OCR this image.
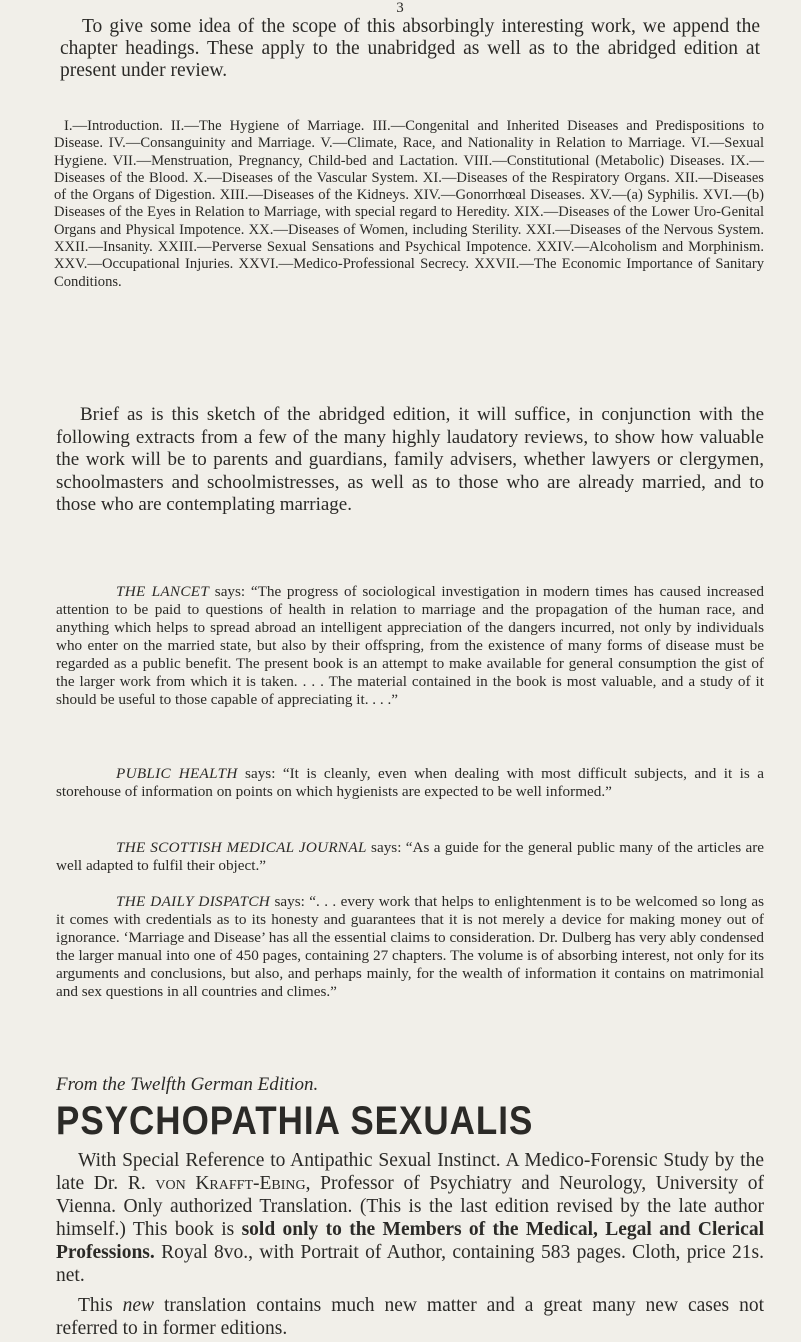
3

To give some idea of the scope of this absorbingly interesting work, we append the chapter headings. These apply to the unabridged as well as to the abridged edition at present under review.

I.—Introduction. II.—The Hygiene of Marriage. III.—Congenital and Inherited Diseases and Predispositions to Disease. IV.—Consanguinity and Marriage. V.—Climate, Race, and Nationality in Relation to Marriage. VI.—Sexual Hygiene. VII.—Menstruation, Pregnancy, Child-bed and Lactation. VIII.—Constitutional (Metabolic) Diseases. IX.—Diseases of the Blood. X.—Diseases of the Vascular System. XI.—Diseases of the Respiratory Organs. XII.—Diseases of the Organs of Digestion. XIII.—Diseases of the Kidneys. XIV.—Gonorrhœal Diseases. XV.—(a) Syphilis. XVI.—(b) Diseases of the Eyes in Relation to Marriage, with special regard to Heredity. XIX.—Diseases of the Lower Uro-Genital Organs and Physical Impotence. XX.—Diseases of Women, including Sterility. XXI.—Diseases of the Nervous System. XXII.—Insanity. XXIII.—Perverse Sexual Sensations and Psychical Impotence. XXIV.—Alcoholism and Morphinism. XXV.—Occupational Injuries. XXVI.—Medico-Professional Secrecy. XXVII.—The Economic Importance of Sanitary Conditions.

Brief as is this sketch of the abridged edition, it will suffice, in conjunction with the following extracts from a few of the many highly laudatory reviews, to show how valuable the work will be to parents and guardians, family advisers, whether lawyers or clergymen, schoolmasters and schoolmistresses, as well as to those who are already married, and to those who are contemplating marriage.

THE LANCET says: “The progress of sociological investigation in modern times has caused increased attention to be paid to questions of health in relation to marriage and the propagation of the human race, and anything which helps to spread abroad an intelligent appreciation of the dangers incurred, not only by individuals who enter on the married state, but also by their offspring, from the existence of many forms of disease must be regarded as a public benefit. The present book is an attempt to make available for general consumption the gist of the larger work from which it is taken. . . . The material contained in the book is most valuable, and a study of it should be useful to those capable of appreciating it. . . .”

PUBLIC HEALTH says: “It is cleanly, even when dealing with most difficult subjects, and it is a storehouse of information on points on which hygienists are expected to be well informed.”

THE SCOTTISH MEDICAL JOURNAL says: “As a guide for the general public many of the articles are well adapted to fulfil their object.”

THE DAILY DISPATCH says: “. . . every work that helps to enlightenment is to be welcomed so long as it comes with credentials as to its honesty and guarantees that it is not merely a device for making money out of ignorance. ‘Marriage and Disease’ has all the essential claims to consideration. Dr. Dulberg has very ably condensed the larger manual into one of 450 pages, containing 27 chapters. The volume is of absorbing interest, not only for its arguments and conclusions, but also, and perhaps mainly, for the wealth of information it contains on matrimonial and sex questions in all countries and climes.”

From the Twelfth German Edition.

PSYCHOPATHIA SEXUALIS

With Special Reference to Antipathic Sexual Instinct. A Medico-Forensic Study by the late Dr. R. von Krafft-Ebing, Professor of Psychiatry and Neurology, University of Vienna. Only authorized Translation. (This is the last edition revised by the late author himself.) This book is sold only to the Members of the Medical, Legal and Clerical Professions. Royal 8vo., with Portrait of Author, containing 583 pages. Cloth, price 21s. net.

This new translation contains much new matter and a great many new cases not referred to in former editions.
